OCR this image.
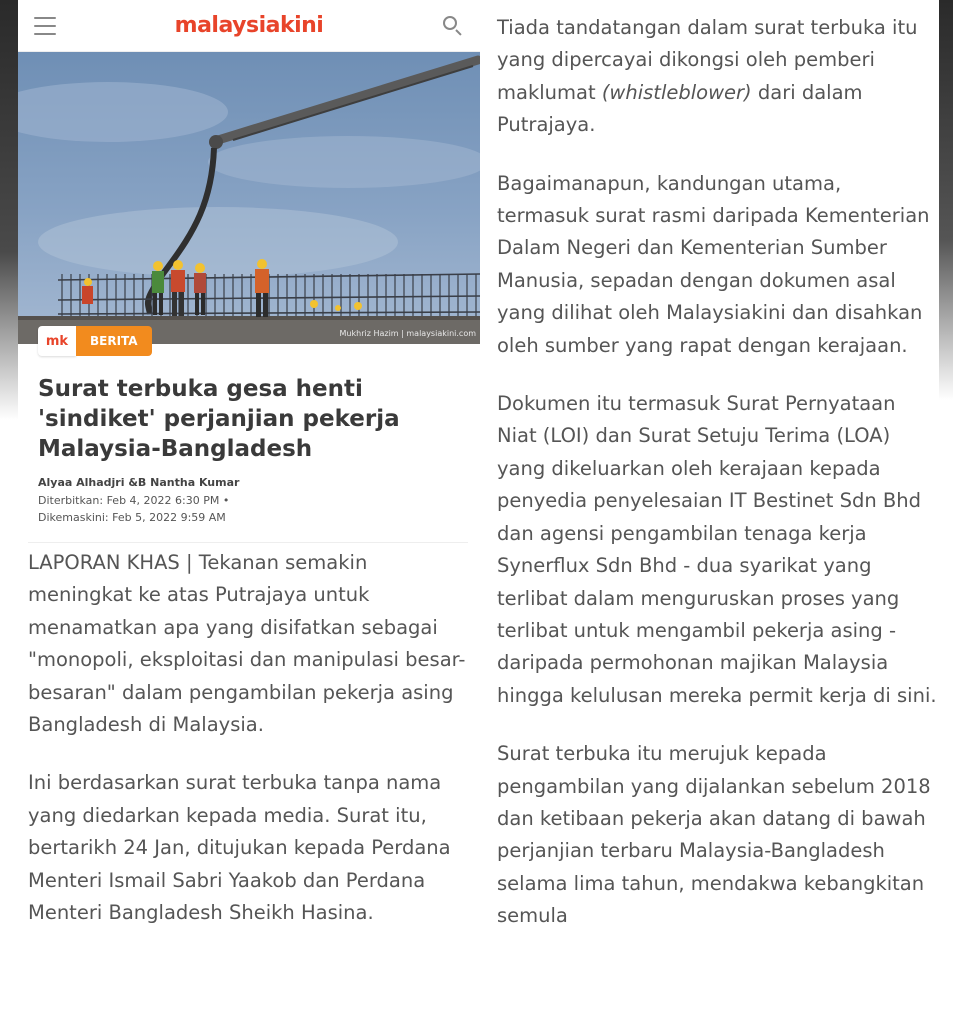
malaysiakini
Mukhriz Hazim | malaysiakini.com
mk	BERITA
Surat terbuka gesa henti 'sindiket' perjanjian pekerja Malaysia-Bangladesh
Alyaa Alhadjri &B Nantha Kumar
Diterbitkan: Feb 4, 2022 6:30 PM •
Dikemaskini: Feb 5, 2022 9:59 AM

LAPORAN KHAS | Tekanan semakin meningkat ke atas Putrajaya untuk menamatkan apa yang disifatkan sebagai "monopoli, eksploitasi dan manipulasi besar-besaran" dalam pengambilan pekerja asing Bangladesh di Malaysia.

Ini berdasarkan surat terbuka tanpa nama yang diedarkan kepada media. Surat itu, bertarikh 24 Jan, ditujukan kepada Perdana Menteri Ismail Sabri Yaakob dan Perdana Menteri Bangladesh Sheikh Hasina.

Tiada tandatangan dalam surat terbuka itu yang dipercayai dikongsi oleh pemberi maklumat (whistleblower) dari dalam Putrajaya.

Bagaimanapun, kandungan utama, termasuk surat rasmi daripada Kementerian Dalam Negeri dan Kementerian Sumber Manusia, sepadan dengan dokumen asal yang dilihat oleh Malaysiakini dan disahkan oleh sumber yang rapat dengan kerajaan.

Dokumen itu termasuk Surat Pernyataan Niat (LOI) dan Surat Setuju Terima (LOA) yang dikeluarkan oleh kerajaan kepada penyedia penyelesaian IT Bestinet Sdn Bhd dan agensi pengambilan tenaga kerja Synerflux Sdn Bhd - dua syarikat yang terlibat dalam menguruskan proses yang terlibat untuk mengambil pekerja asing - daripada permohonan majikan Malaysia hingga kelulusan mereka permit kerja di sini.

Surat terbuka itu merujuk kepada pengambilan yang dijalankan sebelum 2018 dan ketibaan pekerja akan datang di bawah perjanjian terbaru Malaysia-Bangladesh selama lima tahun, mendakwa kebangkitan semula
